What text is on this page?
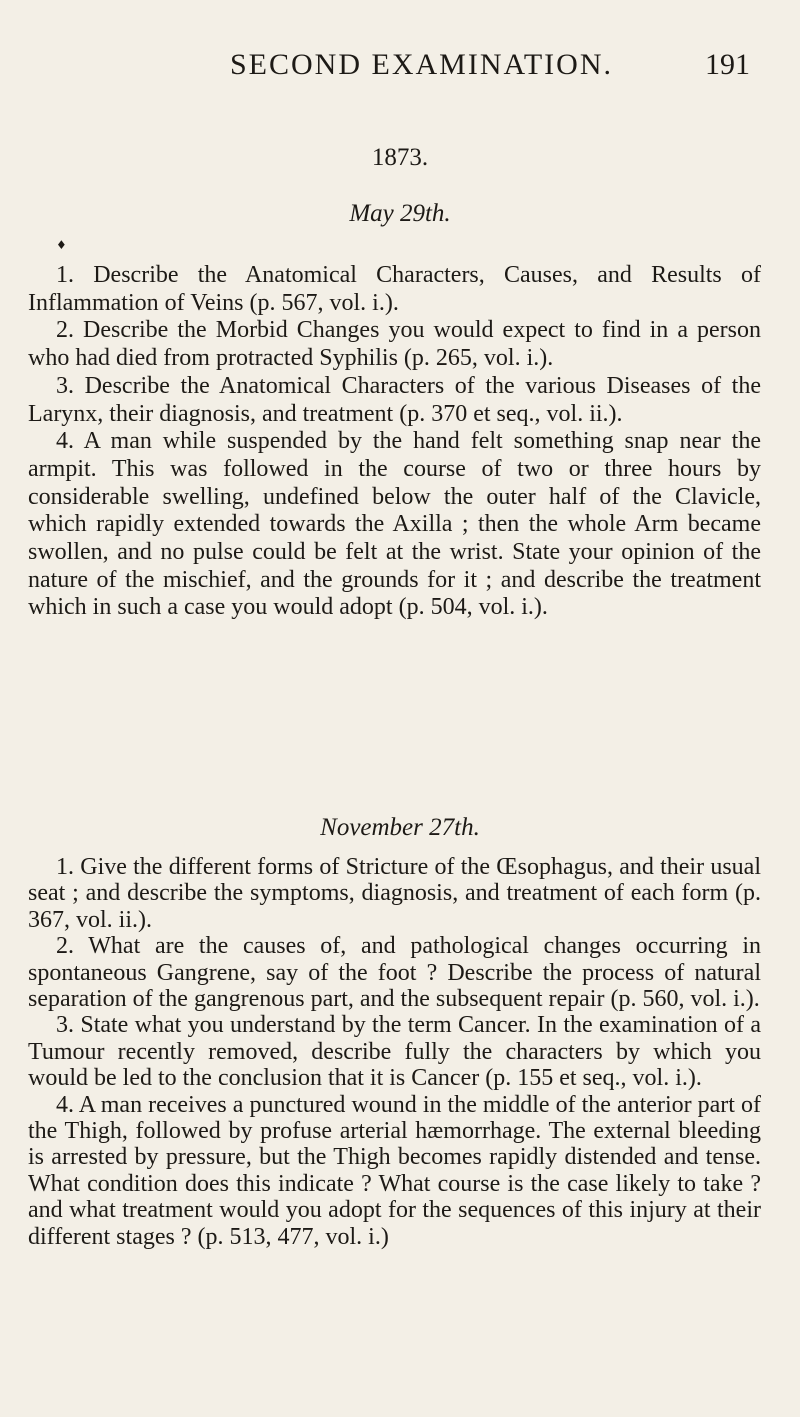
SECOND EXAMINATION.	191
1873.
May 29th.
♦

1. Describe the Anatomical Characters, Causes, and Results of Inflammation of Veins (p. 567, vol. i.).

2. Describe the Morbid Changes you would expect to find in a person who had died from protracted Syphilis (p. 265, vol. i.).

3. Describe the Anatomical Characters of the various Diseases of the Larynx, their diagnosis, and treatment (p. 370 et seq., vol. ii.).

4. A man while suspended by the hand felt something snap near the armpit. This was followed in the course of two or three hours by considerable swelling, undefined below the outer half of the Clavicle, which rapidly extended towards the Axilla ; then the whole Arm became swollen, and no pulse could be felt at the wrist. State your opinion of the nature of the mischief, and the grounds for it ; and describe the treatment which in such a case you would adopt (p. 504, vol. i.).

November 27th.

1. Give the different forms of Stricture of the Œsophagus, and their usual seat ; and describe the symptoms, diagnosis, and treatment of each form (p. 367, vol. ii.).

2. What are the causes of, and pathological changes occurring in spontaneous Gangrene, say of the foot ? Describe the process of natural separation of the gangrenous part, and the subsequent repair (p. 560, vol. i.).

3. State what you understand by the term Cancer. In the examination of a Tumour recently removed, describe fully the characters by which you would be led to the conclusion that it is Cancer (p. 155 et seq., vol. i.).

4. A man receives a punctured wound in the middle of the anterior part of the Thigh, followed by profuse arterial hæmorrhage. The external bleeding is arrested by pressure, but the Thigh becomes rapidly distended and tense. What condition does this indicate ? What course is the case likely to take ? and what treatment would you adopt for the sequences of this injury at their different stages ? (p. 513, 477, vol. i.)
